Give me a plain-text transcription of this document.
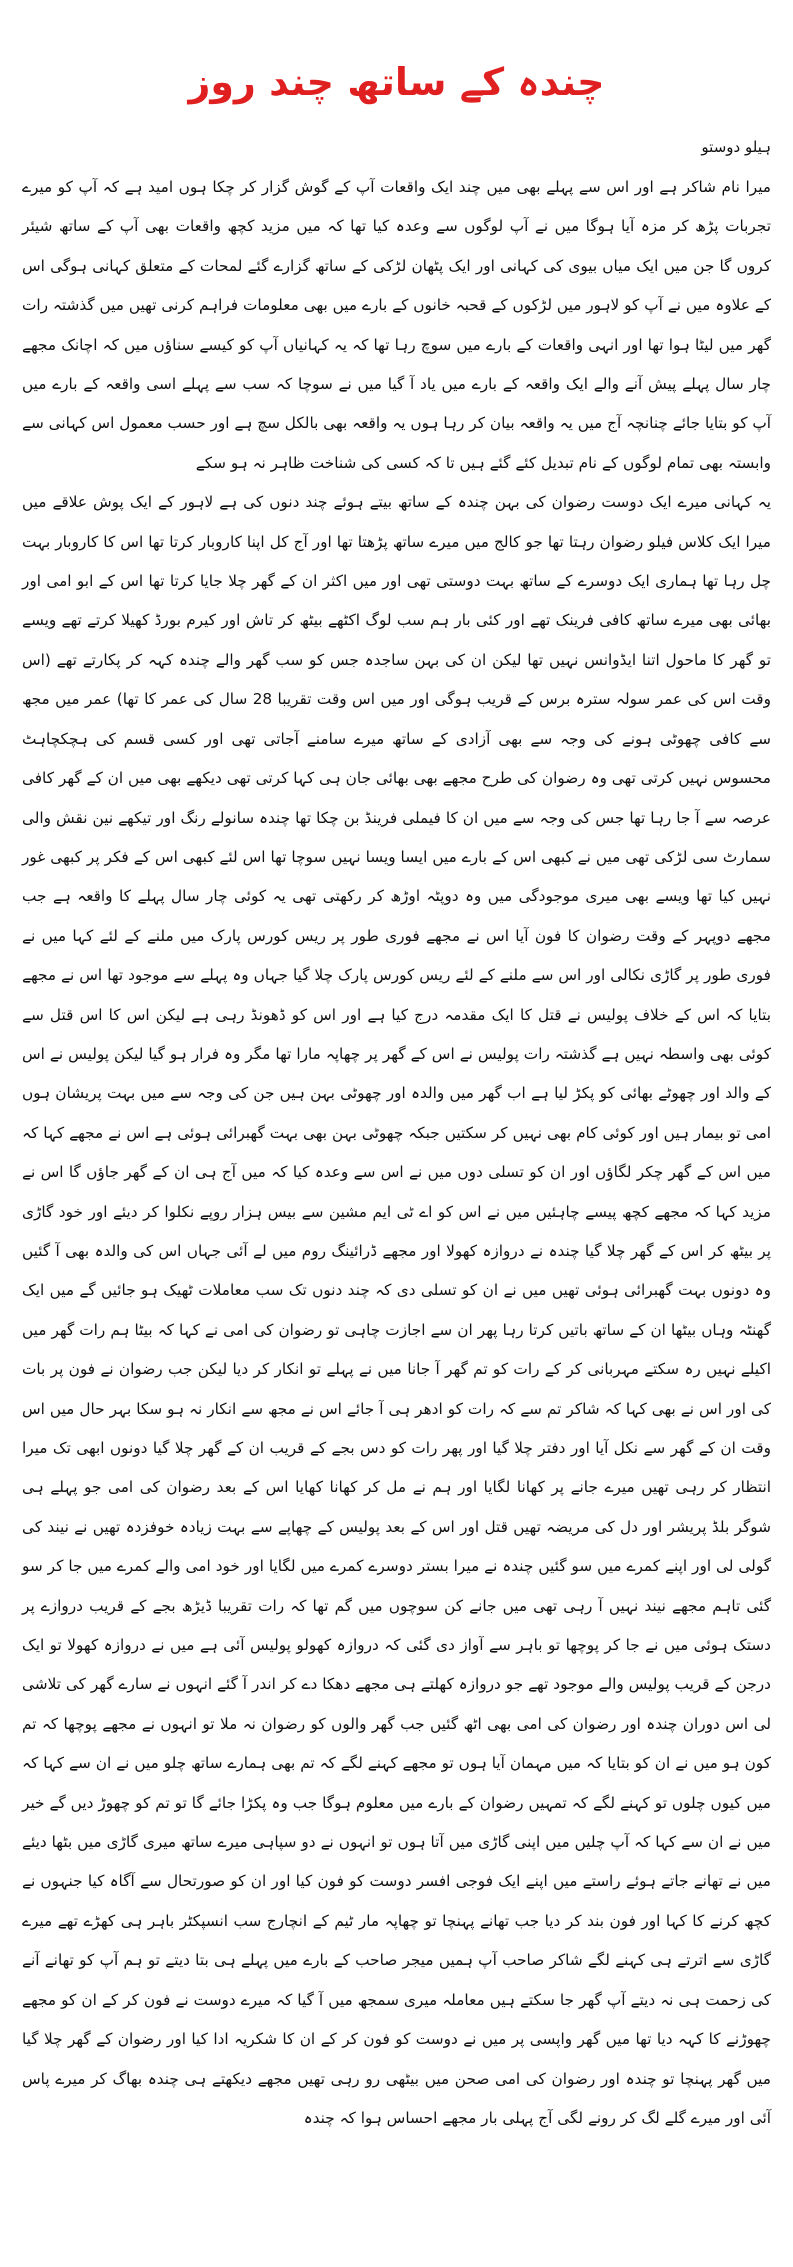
چندہ کے ساتھ چند روز
ہیلو دوستو

میرا نام شاکر ہے اور اس سے پہلے بھی میں چند ایک واقعات آپ کے گوش گزار کر چکا ہوں امید ہے کہ آپ کو میرے تجربات پڑھ کر مزہ آیا ہوگا میں نے آپ لوگوں سے وعدہ کیا تھا کہ میں مزید کچھ واقعات بھی آپ کے ساتھ شیئر کروں گا جن میں ایک میاں بیوی کی کہانی اور ایک پٹھان لڑکی کے ساتھ گزارے گئے لمحات کے متعلق کہانی ہوگی اس کے علاوہ میں نے آپ کو لاہور میں لڑکوں کے قحبہ خانوں کے بارے میں بھی معلومات فراہم کرنی تھیں میں گذشتہ رات گھر میں لیٹا ہوا تھا اور انہی واقعات کے بارے میں سوچ رہا تھا کہ یہ کہانیاں آپ کو کیسے سناؤں میں کہ اچانک مجھے چار سال پہلے پیش آنے والے ایک واقعہ کے بارے میں یاد آ گیا میں نے سوچا کہ سب سے پہلے اسی واقعہ کے بارے میں آپ کو بتایا جائے چنانچہ آج میں یہ واقعہ بیان کر رہا ہوں یہ واقعہ بھی بالکل سچ ہے اور حسب معمول اس کہانی سے وابستہ بھی تمام لوگوں کے نام تبدیل کئے گئے ہیں تا کہ کسی کی شناخت ظاہر نہ ہو سکے

یہ کہانی میرے ایک دوست رضوان کی بہن چندہ کے ساتھ بیتے ہوئے چند دنوں کی ہے لاہور کے ایک پوش علاقے میں میرا ایک کلاس فیلو رضوان رہتا تھا جو کالج میں میرے ساتھ پڑھتا تھا اور آج کل اپنا کاروبار کرتا تھا اس کا کاروبار بہت چل رہا تھا ہماری ایک دوسرے کے ساتھ بہت دوستی تھی اور میں اکثر ان کے گھر چلا جایا کرتا تھا اس کے ابو امی اور بھائی بھی میرے ساتھ کافی فرینک تھے اور کئی بار ہم سب لوگ اکٹھے بیٹھ کر تاش اور کیرم بورڈ کھیلا کرتے تھے ویسے تو گھر کا ماحول اتنا ایڈوانس نہیں تھا لیکن ان کی بہن ساجدہ جس کو سب گھر والے چندہ کہہ کر پکارتے تھے (اس وقت اس کی عمر سولہ سترہ برس کے قریب ہوگی اور میں اس وقت تقریبا 28 سال کی عمر کا تھا) عمر میں مجھ سے کافی چھوٹی ہونے کی وجہ سے بھی آزادی کے ساتھ میرے سامنے آجاتی تھی اور کسی قسم کی ہچکچاہٹ محسوس نہیں کرتی تھی وہ رضوان کی طرح مجھے بھی بھائی جان ہی کہا کرتی تھی دیکھے بھی میں ان کے گھر کافی عرصہ سے آ جا رہا تھا جس کی وجہ سے میں ان کا فیملی فرینڈ بن چکا تھا چندہ سانولے رنگ اور تیکھے نین نقش والی سمارٹ سی لڑکی تھی میں نے کبھی اس کے بارے میں ایسا ویسا نہیں سوچا تھا اس لئے کبھی اس کے فکر پر کبھی غور نہیں کیا تھا ویسے بھی میری موجودگی میں وہ دوپٹہ اوڑھ کر رکھتی تھی یہ کوئی چار سال پہلے کا واقعہ ہے جب مجھے دوپہر کے وقت رضوان کا فون آیا اس نے مجھے فوری طور پر ریس کورس پارک میں ملنے کے لئے کہا میں نے فوری طور پر گاڑی نکالی اور اس سے ملنے کے لئے ریس کورس پارک چلا گیا جہاں وہ پہلے سے موجود تھا اس نے مجھے بتایا کہ اس کے خلاف پولیس نے قتل کا ایک مقدمہ درج کیا ہے اور اس کو ڈھونڈ رہی ہے لیکن اس کا اس قتل سے کوئی بھی واسطہ نہیں ہے گذشتہ رات پولیس نے اس کے گھر پر چھاپہ مارا تھا مگر وہ فرار ہو گیا لیکن پولیس نے اس کے والد اور چھوٹے بھائی کو پکڑ لیا ہے اب گھر میں والدہ اور چھوٹی بہن ہیں جن کی وجہ سے میں بہت پریشان ہوں امی تو بیمار ہیں اور کوئی کام بھی نہیں کر سکتیں جبکہ چھوٹی بہن بھی بہت گھبرائی ہوئی ہے اس نے مجھے کہا کہ میں اس کے گھر چکر لگاؤں اور ان کو تسلی دوں میں نے اس سے وعدہ کیا کہ میں آج ہی ان کے گھر جاؤں گا اس نے مزید کہا کہ مجھے کچھ پیسے چاہئیں میں نے اس کو اے ٹی ایم مشین سے بیس ہزار روپے نکلوا کر دیئے اور خود گاڑی پر بیٹھ کر اس کے گھر چلا گیا چندہ نے دروازہ کھولا اور مجھے ڈرائینگ روم میں لے آئی جہاں اس کی والدہ بھی آ گئیں وہ دونوں بہت گھبرائی ہوئی تھیں میں نے ان کو تسلی دی کہ چند دنوں تک سب معاملات ٹھیک ہو جائیں گے میں ایک گھنٹہ وہاں بیٹھا ان کے ساتھ باتیں کرتا رہا پھر ان سے اجازت چاہی تو رضوان کی امی نے کہا کہ بیٹا ہم رات گھر میں اکیلے نہیں رہ سکتے مہربانی کر کے رات کو تم گھر آ جانا میں نے پہلے تو انکار کر دیا لیکن جب رضوان نے فون پر بات کی اور اس نے بھی کہا کہ شاکر تم سے کہ رات کو ادھر ہی آ جائے اس نے مجھ سے انکار نہ ہو سکا بہر حال میں اس وقت ان کے گھر سے نکل آیا اور دفتر چلا گیا اور پھر رات کو دس بجے کے قریب ان کے گھر چلا گیا دونوں ابھی تک میرا انتظار کر رہی تھیں میرے جانے پر کھانا لگایا اور ہم نے مل کر کھانا کھایا اس کے بعد رضوان کی امی جو پہلے ہی شوگر بلڈ پریشر اور دل کی مریضہ تھیں قتل اور اس کے بعد پولیس کے چھاپے سے بہت زیادہ خوفزدہ تھیں نے نیند کی گولی لی اور اپنے کمرے میں سو گئیں چندہ نے میرا بستر دوسرے کمرے میں لگایا اور خود امی والے کمرے میں جا کر سو گئی تاہم مجھے نیند نہیں آ رہی تھی میں جانے کن سوچوں میں گم تھا کہ رات تقریبا ڈیڑھ بجے کے قریب دروازے پر دستک ہوئی میں نے جا کر پوچھا تو باہر سے آواز دی گئی کہ دروازہ کھولو پولیس آئی ہے میں نے دروازہ کھولا تو ایک درجن کے قریب پولیس والے موجود تھے جو دروازہ کھلتے ہی مجھے دھکا دے کر اندر آ گئے انہوں نے سارے گھر کی تلاشی لی اس دوران چندہ اور رضوان کی امی بھی اٹھ گئیں جب گھر والوں کو رضوان نہ ملا تو انہوں نے مجھے پوچھا کہ تم کون ہو میں نے ان کو بتایا کہ میں مہمان آیا ہوں تو مجھے کہنے لگے کہ تم بھی ہمارے ساتھ چلو میں نے ان سے کہا کہ میں کیوں چلوں تو کہنے لگے کہ تمہیں رضوان کے بارے میں معلوم ہوگا جب وہ پکڑا جائے گا تو تم کو چھوڑ دیں گے خیر میں نے ان سے کہا کہ آپ چلیں میں اپنی گاڑی میں آتا ہوں تو انہوں نے دو سپاہی میرے ساتھ میری گاڑی میں بٹھا دیئے میں نے تھانے جاتے ہوئے راستے میں اپنے ایک فوجی افسر دوست کو فون کیا اور ان کو صورتحال سے آگاہ کیا جنہوں نے کچھ کرنے کا کہا اور فون بند کر دیا جب تھانے پہنچا تو چھاپہ مار ٹیم کے انچارج سب انسپکٹر باہر ہی کھڑے تھے میرے گاڑی سے اترتے ہی کہنے لگے شاکر صاحب آپ ہمیں میجر صاحب کے بارے میں پہلے ہی بتا دیتے تو ہم آپ کو تھانے آنے کی زحمت ہی نہ دیتے آپ گھر جا سکتے ہیں معاملہ میری سمجھ میں آ گیا کہ میرے دوست نے فون کر کے ان کو مجھے چھوڑنے کا کہہ دیا تھا میں گھر واپسی پر میں نے دوست کو فون کر کے ان کا شکریہ ادا کیا اور رضوان کے گھر چلا گیا میں گھر پہنچا تو چندہ اور رضوان کی امی صحن میں بیٹھی رو رہی تھیں مجھے دیکھتے ہی چندہ بھاگ کر میرے پاس آئی اور میرے گلے لگ کر رونے لگی آج پہلی بار مجھے احساس ہوا کہ چندہ
